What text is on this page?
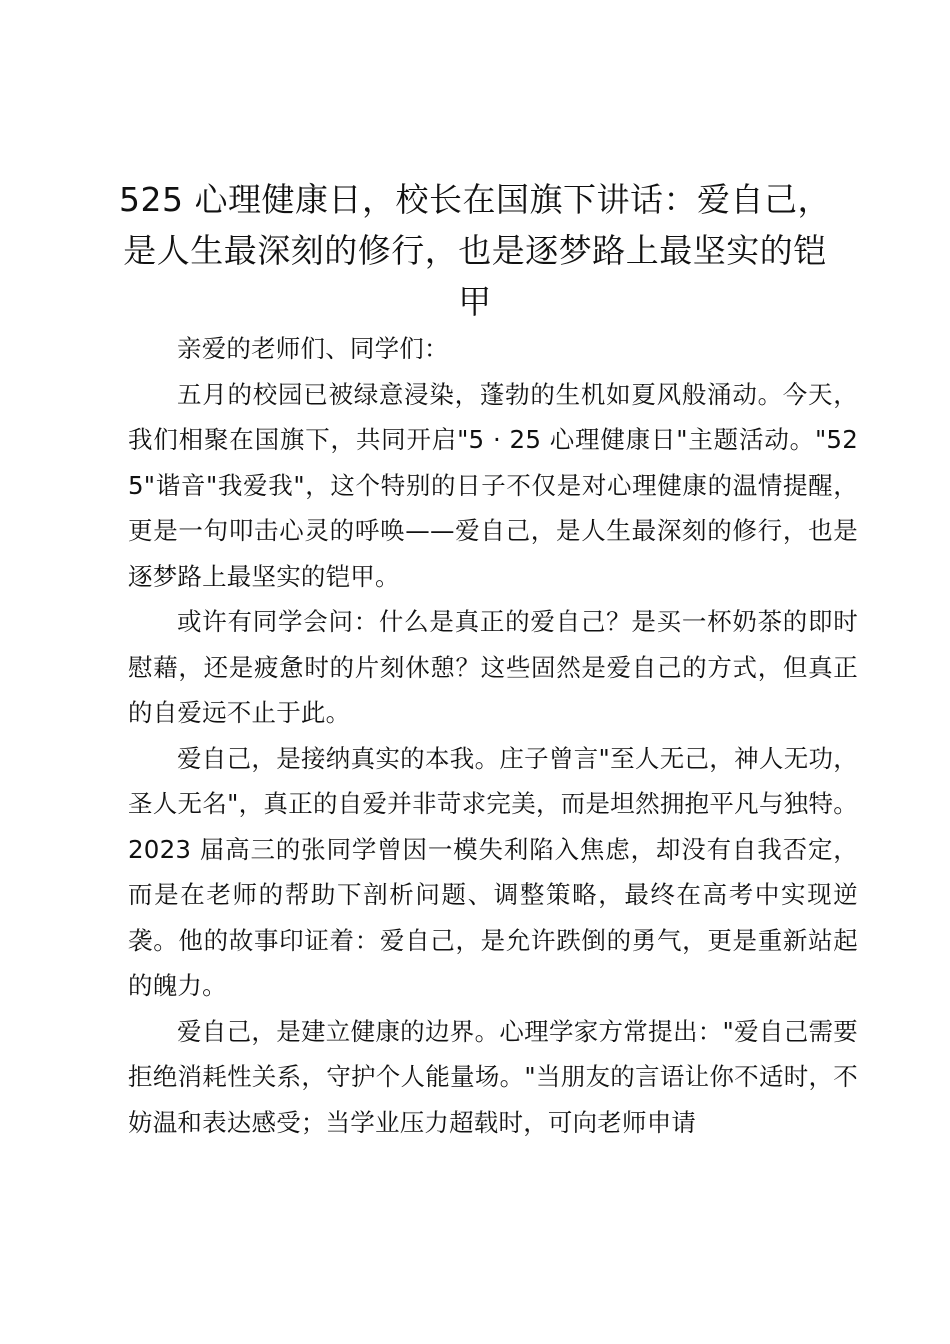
525 心理健康日，校长在国旗下讲话：爱自己，是人生最深刻的修行，也是逐梦路上最坚实的铠甲

亲爱的老师们、同学们：

五月的校园已被绿意浸染，蓬勃的生机如夏风般涌动。今天，我们相聚在国旗下，共同开启"5 · 25 心理健康日"主题活动。"525"谐音"我爱我"，这个特别的日子不仅是对心理健康的温情提醒，更是一句叩击心灵的呼唤——爱自己，是人生最深刻的修行，也是逐梦路上最坚实的铠甲。

或许有同学会问：什么是真正的爱自己？是买一杯奶茶的即时慰藉，还是疲惫时的片刻休憩？这些固然是爱自己的方式，但真正的自爱远不止于此。

爱自己，是接纳真实的本我。庄子曾言"至人无己，神人无功，圣人无名"，真正的自爱并非苛求完美，而是坦然拥抱平凡与独特。2023 届高三的张同学曾因一模失利陷入焦虑，却没有自我否定，而是在老师的帮助下剖析问题、调整策略，最终在高考中实现逆袭。他的故事印证着：爱自己，是允许跌倒的勇气，更是重新站起的魄力。

爱自己，是建立健康的边界。心理学家方常提出："爱自己需要拒绝消耗性关系，守护个人能量场。"当朋友的言语让你不适时，不妨温和表达感受；当学业压力超载时，可向老师申请
